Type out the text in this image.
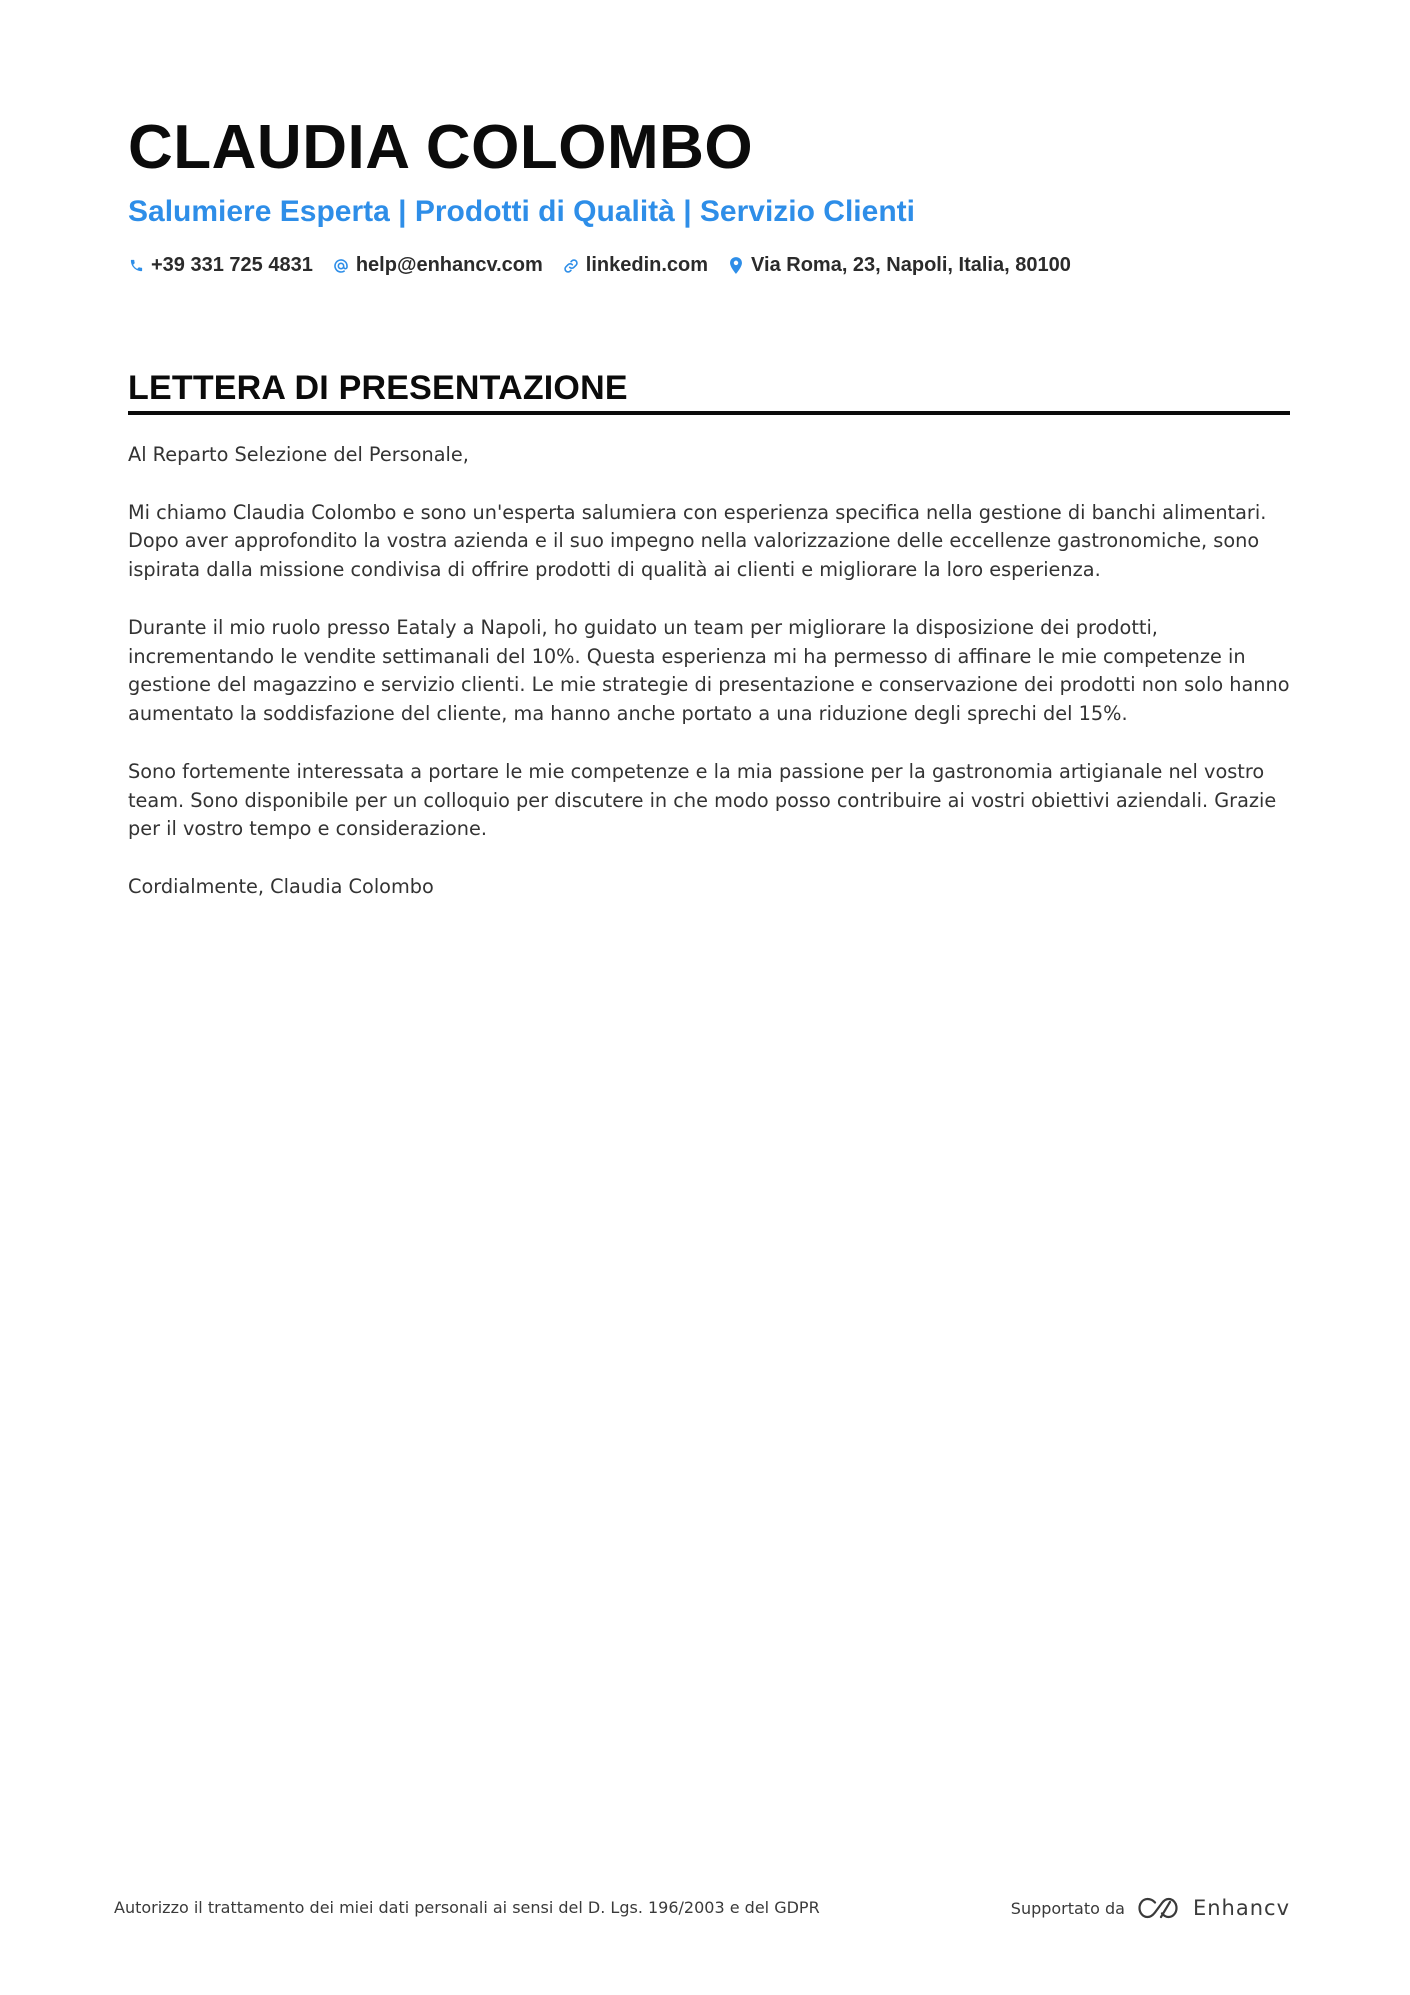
CLAUDIA COLOMBO
Salumiere Esperta | Prodotti di Qualità | Servizio Clienti
+39 331 725 4831 help@enhancv.com linkedin.com Via Roma, 23, Napoli, Italia, 80100
LETTERA DI PRESENTAZIONE

Al Reparto Selezione del Personale,

Mi chiamo Claudia Colombo e sono un'esperta salumiera con esperienza specifica nella gestione di banchi alimentari. Dopo aver approfondito la vostra azienda e il suo impegno nella valorizzazione delle eccellenze gastronomiche, sono ispirata dalla missione condivisa di offrire prodotti di qualità ai clienti e migliorare la loro esperienza.

Durante il mio ruolo presso Eataly a Napoli, ho guidato un team per migliorare la disposizione dei prodotti, incrementando le vendite settimanali del 10%. Questa esperienza mi ha permesso di affinare le mie competenze in gestione del magazzino e servizio clienti. Le mie strategie di presentazione e conservazione dei prodotti non solo hanno aumentato la soddisfazione del cliente, ma hanno anche portato a una riduzione degli sprechi del 15%.

Sono fortemente interessata a portare le mie competenze e la mia passione per la gastronomia artigianale nel vostro team. Sono disponibile per un colloquio per discutere in che modo posso contribuire ai vostri obiettivi aziendali. Grazie per il vostro tempo e considerazione.

Cordialmente, Claudia Colombo

Autorizzo il trattamento dei miei dati personali ai sensi del D. Lgs. 196/2003 e del GDPR	Supportato da	Enhancv
